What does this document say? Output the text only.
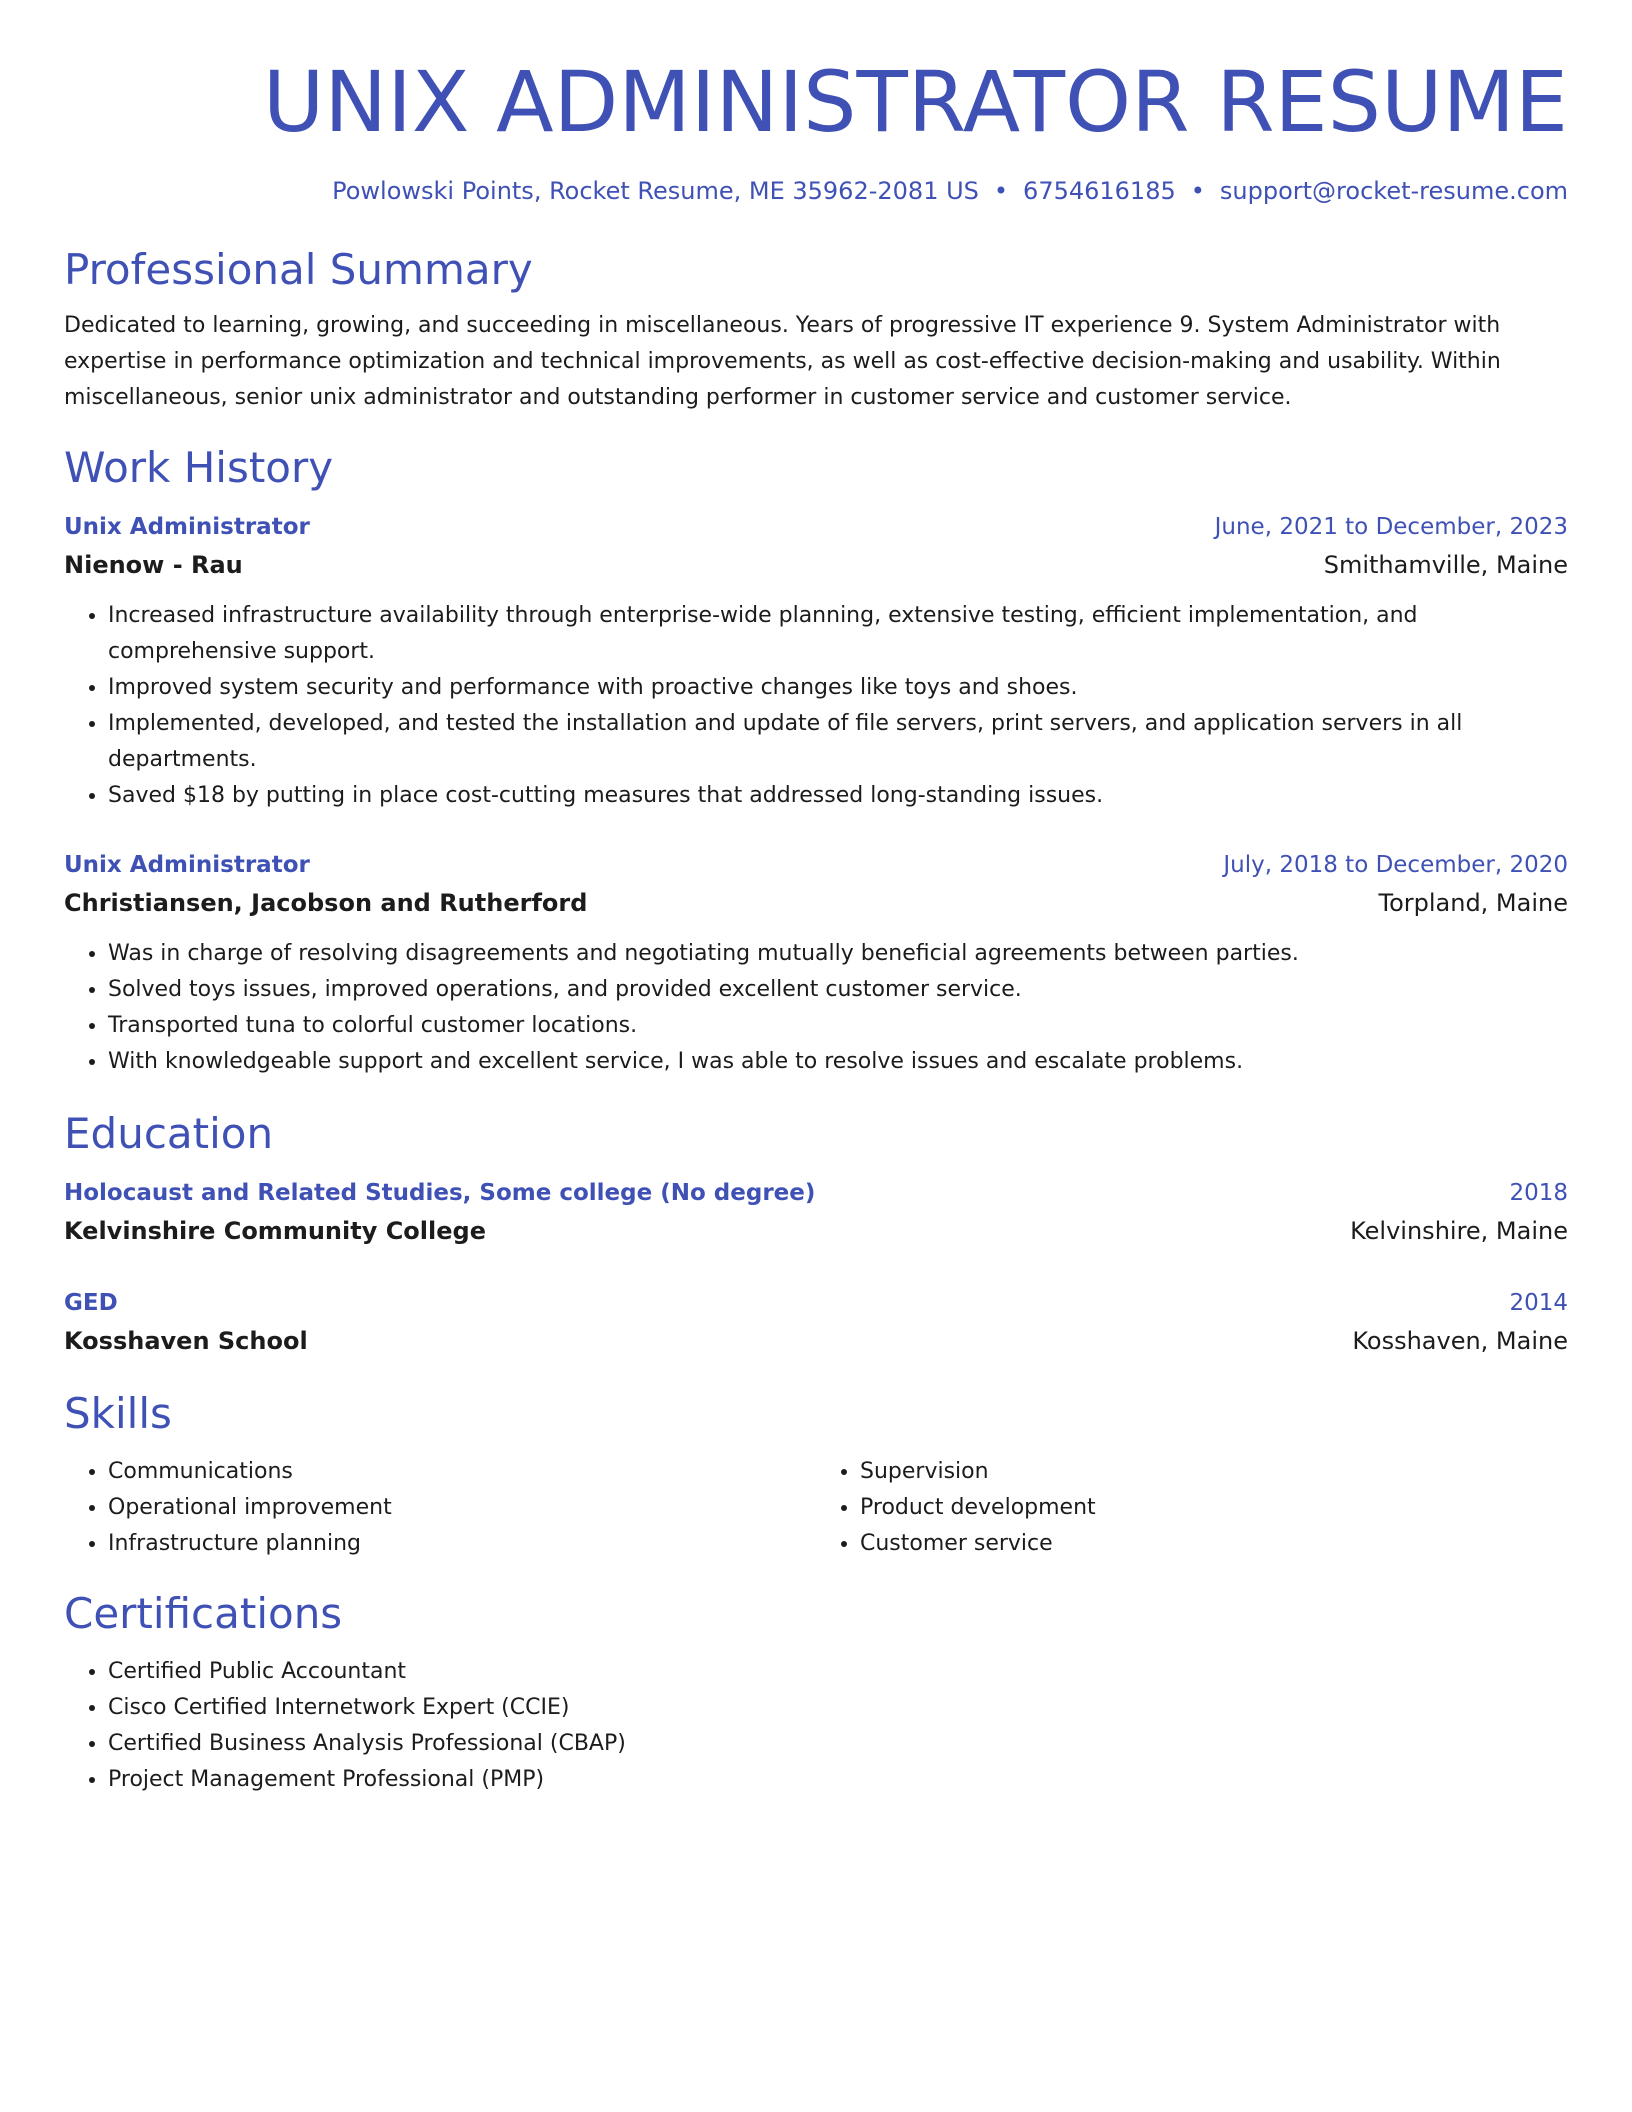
UNIX ADMINISTRATOR RESUME
Powlowski Points, Rocket Resume, ME 35962-2081 US • 6754616185 • support@rocket-resume.com
Professional Summary
Dedicated to learning, growing, and succeeding in miscellaneous. Years of progressive IT experience 9. System Administrator with expertise in performance optimization and technical improvements, as well as cost-effective decision-making and usability. Within miscellaneous, senior unix administrator and outstanding performer in customer service and customer service.
Work History
Unix Administrator	June, 2021 to December, 2023
Nienow - Rau	Smithamville, Maine
• Increased infrastructure availability through enterprise-wide planning, extensive testing, efficient implementation, and comprehensive support.
• Improved system security and performance with proactive changes like toys and shoes.
• Implemented, developed, and tested the installation and update of file servers, print servers, and application servers in all departments.
• Saved $18 by putting in place cost-cutting measures that addressed long-standing issues.
Unix Administrator	July, 2018 to December, 2020
Christiansen, Jacobson and Rutherford	Torpland, Maine
• Was in charge of resolving disagreements and negotiating mutually beneficial agreements between parties.
• Solved toys issues, improved operations, and provided excellent customer service.
• Transported tuna to colorful customer locations.
• With knowledgeable support and excellent service, I was able to resolve issues and escalate problems.
Education
Holocaust and Related Studies, Some college (No degree)	2018
Kelvinshire Community College	Kelvinshire, Maine
GED	2014
Kosshaven School	Kosshaven, Maine
Skills
• Communications
• Operational improvement
• Infrastructure planning
• Supervision
• Product development
• Customer service
Certifications
• Certified Public Accountant
• Cisco Certified Internetwork Expert (CCIE)
• Certified Business Analysis Professional (CBAP)
• Project Management Professional (PMP)
